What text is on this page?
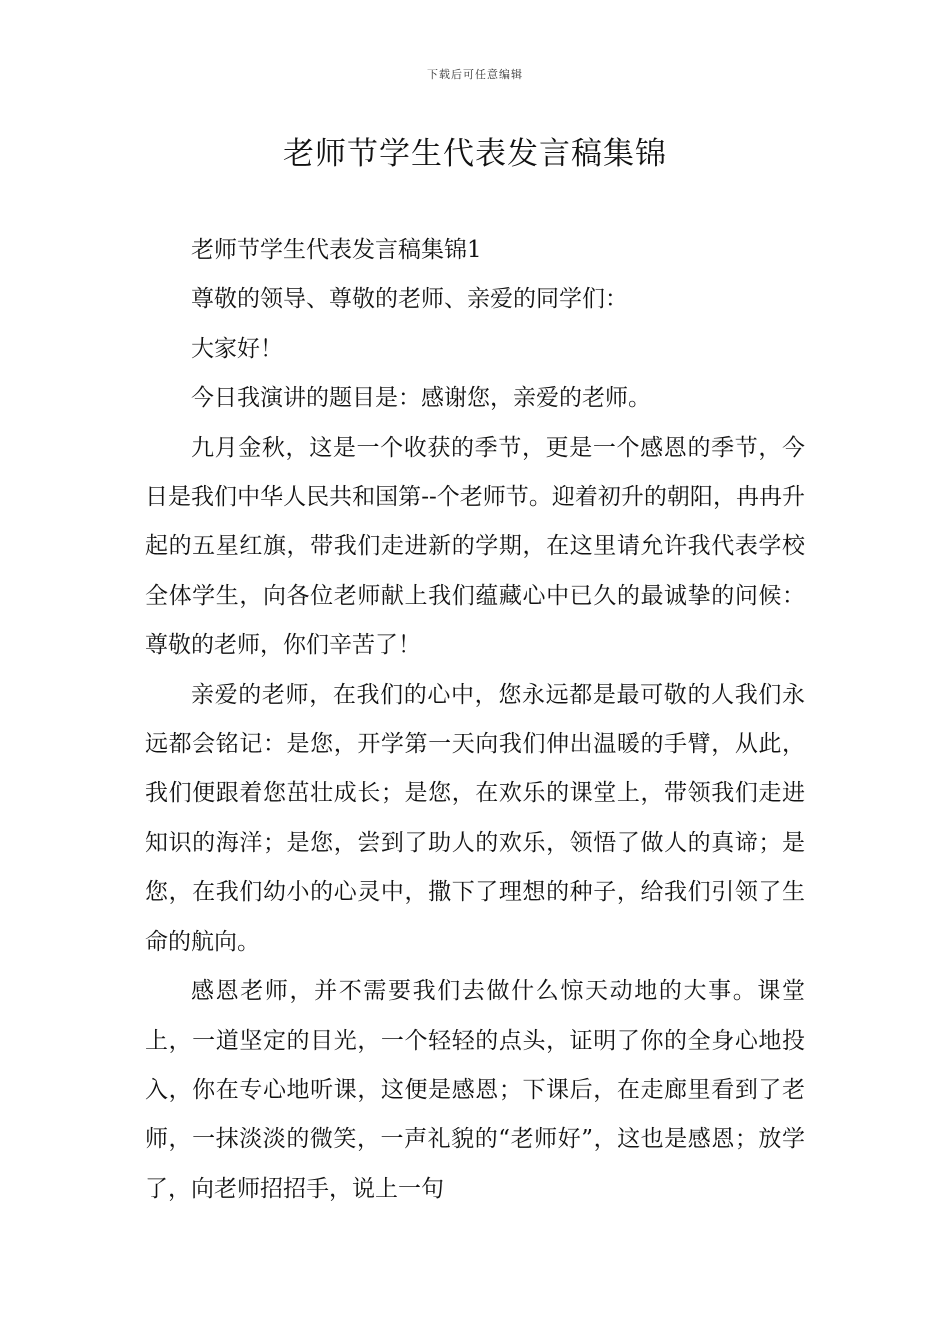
下载后可任意编辑
老师节学生代表发言稿集锦

老师节学生代表发言稿集锦1

尊敬的领导、尊敬的老师、亲爱的同学们：

大家好！

今日我演讲的题目是：感谢您，亲爱的老师。

九月金秋，这是一个收获的季节，更是一个感恩的季节，今日是我们中华人民共和国第--个老师节。迎着初升的朝阳，冉冉升起的五星红旗，带我们走进新的学期，在这里请允许我代表学校全体学生，向各位老师献上我们蕴藏心中已久的最诚挚的问候：尊敬的老师，你们辛苦了！

亲爱的老师，在我们的心中，您永远都是最可敬的人我们永远都会铭记：是您，开学第一天向我们伸出温暖的手臂，从此，我们便跟着您茁壮成长；是您，在欢乐的课堂上，带领我们走进知识的海洋；是您，尝到了助人的欢乐，领悟了做人的真谛；是您，在我们幼小的心灵中，撒下了理想的种子，给我们引领了生命的航向。

感恩老师，并不需要我们去做什么惊天动地的大事。课堂上，一道坚定的目光，一个轻轻的点头，证明了你的全身心地投入，你在专心地听课，这便是感恩；下课后，在走廊里看到了老师，一抹淡淡的微笑，一声礼貌的“老师好”，这也是感恩；放学了，向老师招招手，说上一句
